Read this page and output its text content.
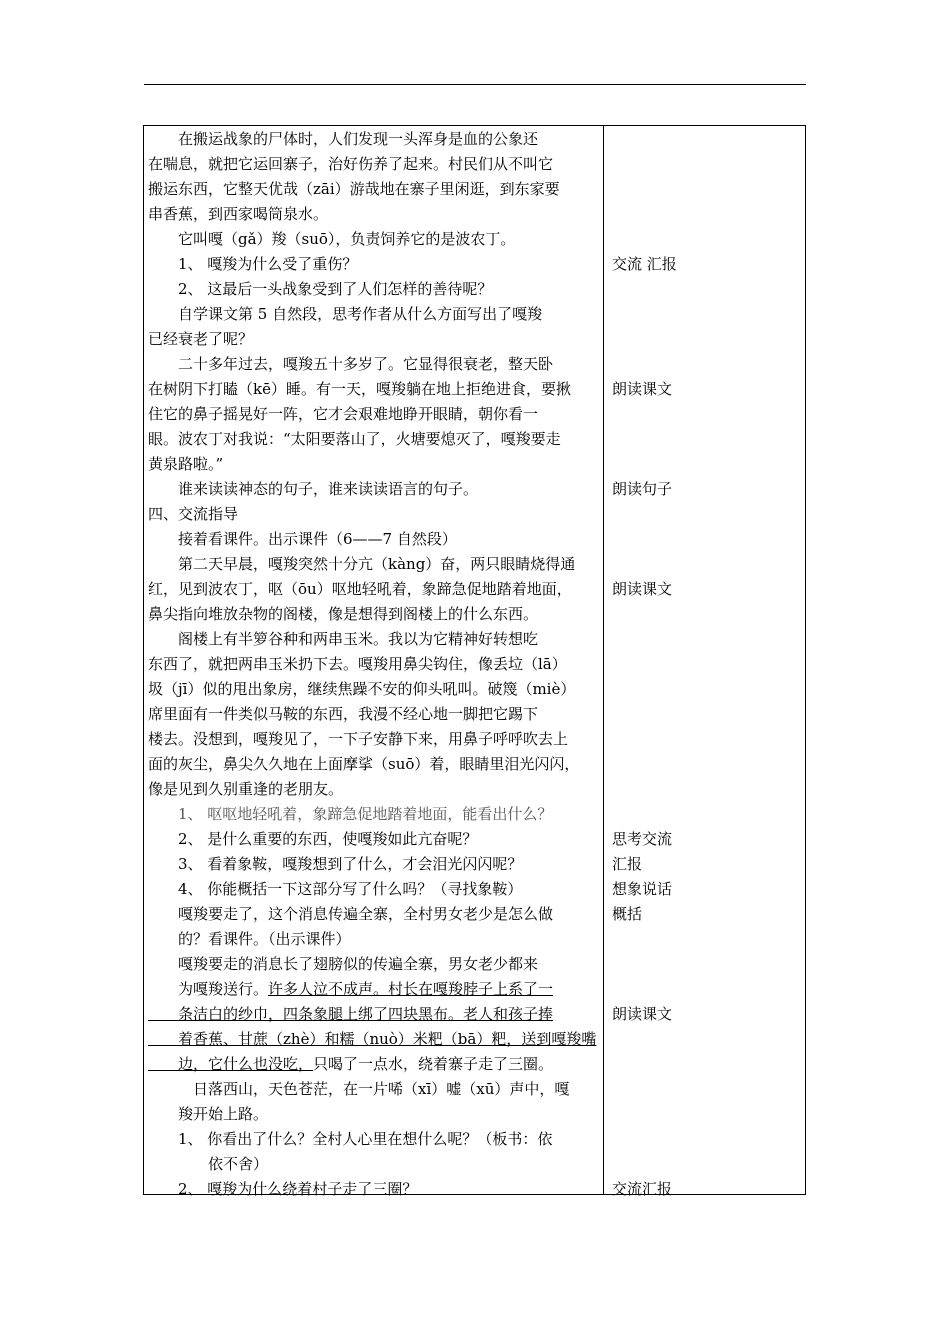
　　在搬运战象的尸体时，人们发现一头浑身是血的公象还
在喘息，就把它运回寨子，治好伤养了起来。村民们从不叫它
搬运东西，它整天优哉（zāi）游哉地在寨子里闲逛，到东家要
串香蕉，到西家喝筒泉水。
　　它叫嘎（gǎ）羧（suō），负责饲养它的是波农丁。
　　1、 嘎羧为什么受了重伤？
　　2、 这最后一头战象受到了人们怎样的善待呢？
　　自学课文第 5 自然段，思考作者从什么方面写出了嘎羧
已经衰老了呢？
　　二十多年过去，嘎羧五十多岁了。它显得很衰老，整天卧
在树阴下打瞌（kē）睡。有一天，嘎羧躺在地上拒绝进食，要揪
住它的鼻子摇晃好一阵，它才会艰难地睁开眼睛，朝你看一
眼。波农丁对我说：“太阳要落山了，火塘要熄灭了，嘎羧要走
黄泉路啦。”
　　谁来读读神态的句子，谁来读读语言的句子。
四、交流指导
　　接着看课件。出示课件（6——7 自然段）
　　第二天早晨，嘎羧突然十分亢（kàng）奋，两只眼睛烧得通
红，见到波农丁，呕（ōu）呕地轻吼着，象蹄急促地踏着地面，
鼻尖指向堆放杂物的阁楼，像是想得到阁楼上的什么东西。
　　阁楼上有半箩谷种和两串玉米。我以为它精神好转想吃
东西了，就把两串玉米扔下去。嘎羧用鼻尖钩住，像丢垃（lā）
圾（jī）似的甩出象房，继续焦躁不安的仰头吼叫。破篾（miè）
席里面有一件类似马鞍的东西，我漫不经心地一脚把它踢下
楼去。没想到，嘎羧见了，一下子安静下来，用鼻子呼呼吹去上
面的灰尘，鼻尖久久地在上面摩挲（suō）着，眼睛里泪光闪闪，
像是见到久别重逢的老朋友。
　　1、 呕呕地轻吼着，象蹄急促地踏着地面，能看出什么？
　　2、 是什么重要的东西，使嘎羧如此亢奋呢？
　　3、 看着象鞍，嘎羧想到了什么，才会泪光闪闪呢？
　　4、 你能概括一下这部分写了什么吗？（寻找象鞍）
　　嘎羧要走了，这个消息传遍全寨，全村男女老少是怎么做
　　的？看课件。（出示课件）
　　嘎羧要走的消息长了翅膀似的传遍全寨，男女老少都来
　　为嘎羧送行。许多人泣不成声。村长在嘎羧脖子上系了一
　　条洁白的纱巾，四条象腿上绑了四块黑布。老人和孩子捧
　　着香蕉、甘蔗（zhè）和糯（nuò）米粑（bā）粑，送到嘎羧嘴
　　边，它什么也没吃，只喝了一点水，绕着寨子走了三圈。
　　　日落西山，天色苍茫，在一片唏（xī）嘘（xū）声中，嘎
　　羧开始上路。
　　1、 你看出了什么？全村人心里在想什么呢？（板书：依
　　　　依不舍）
　　2、 嘎羧为什么绕着村子走了三圈？
交流 汇报
朗读课文
朗读句子
朗读课文
思考交流
汇报
想象说话
概括
朗读课文
交流汇报
